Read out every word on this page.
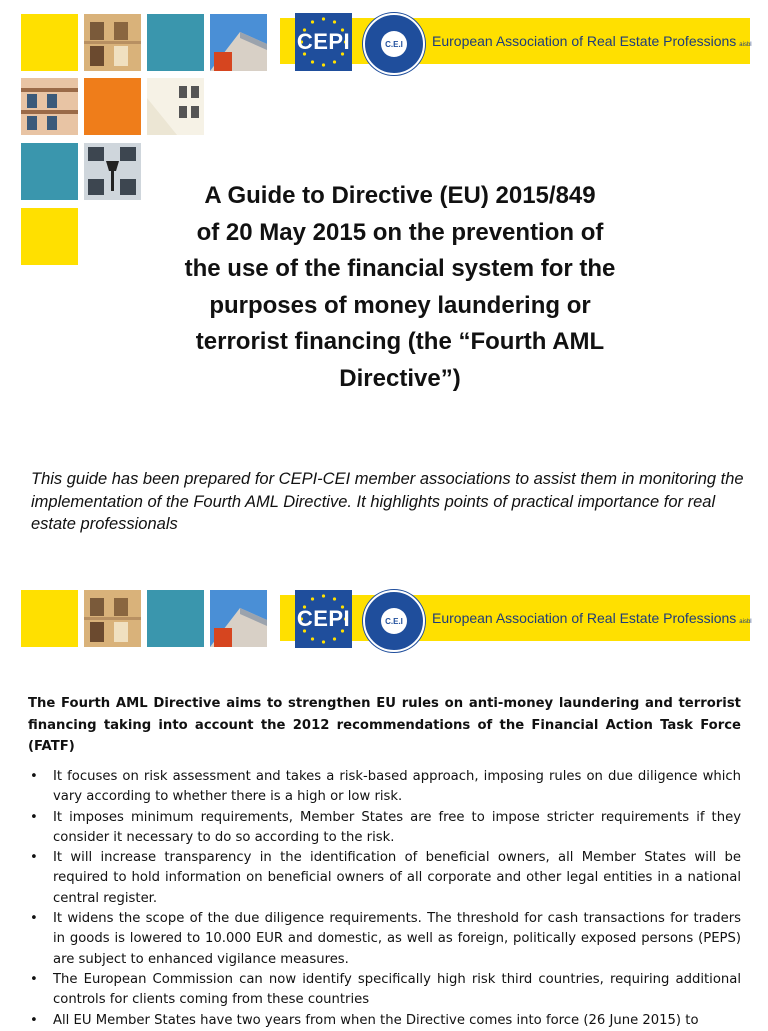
CEPI	C.E.I European Association of Real Estate Professions aisbl
A Guide to Directive (EU) 2015/849
of 20 May 2015 on the prevention of
the use of the financial system for the
purposes of money laundering or
terrorist financing (the “Fourth AML
Directive”)
This guide has been prepared for CEPI-CEI member associations to assist them in monitoring the implementation of the Fourth AML Directive. It highlights points of practical importance for real estate professionals
CEPI	C.E.I European Association of Real Estate Professions aisbl
The Fourth AML Directive aims to strengthen EU rules on anti-money laundering and terrorist financing taking into account the 2012 recommendations of the Financial Action Task Force (FATF)
• It focuses on risk assessment and takes a risk-based approach, imposing rules on due diligence which vary according to whether there is a high or low risk.
• It imposes minimum requirements, Member States are free to impose stricter requirements if they consider it necessary to do so according to the risk.
• It will increase transparency in the identification of beneficial owners, all Member States will be required to hold information on beneficial owners of all corporate and other legal entities in a national central register.
• It widens the scope of the due diligence requirements. The threshold for cash transactions for traders in goods is lowered to 10.000 EUR and domestic, as well as foreign, politically exposed persons (PEPS) are subject to enhanced vigilance measures.
• The European Commission can now identify specifically high risk third countries, requiring additional controls for clients coming from these countries
• All EU Member States have two years from when the Directive comes into force (26 June 2015) to
